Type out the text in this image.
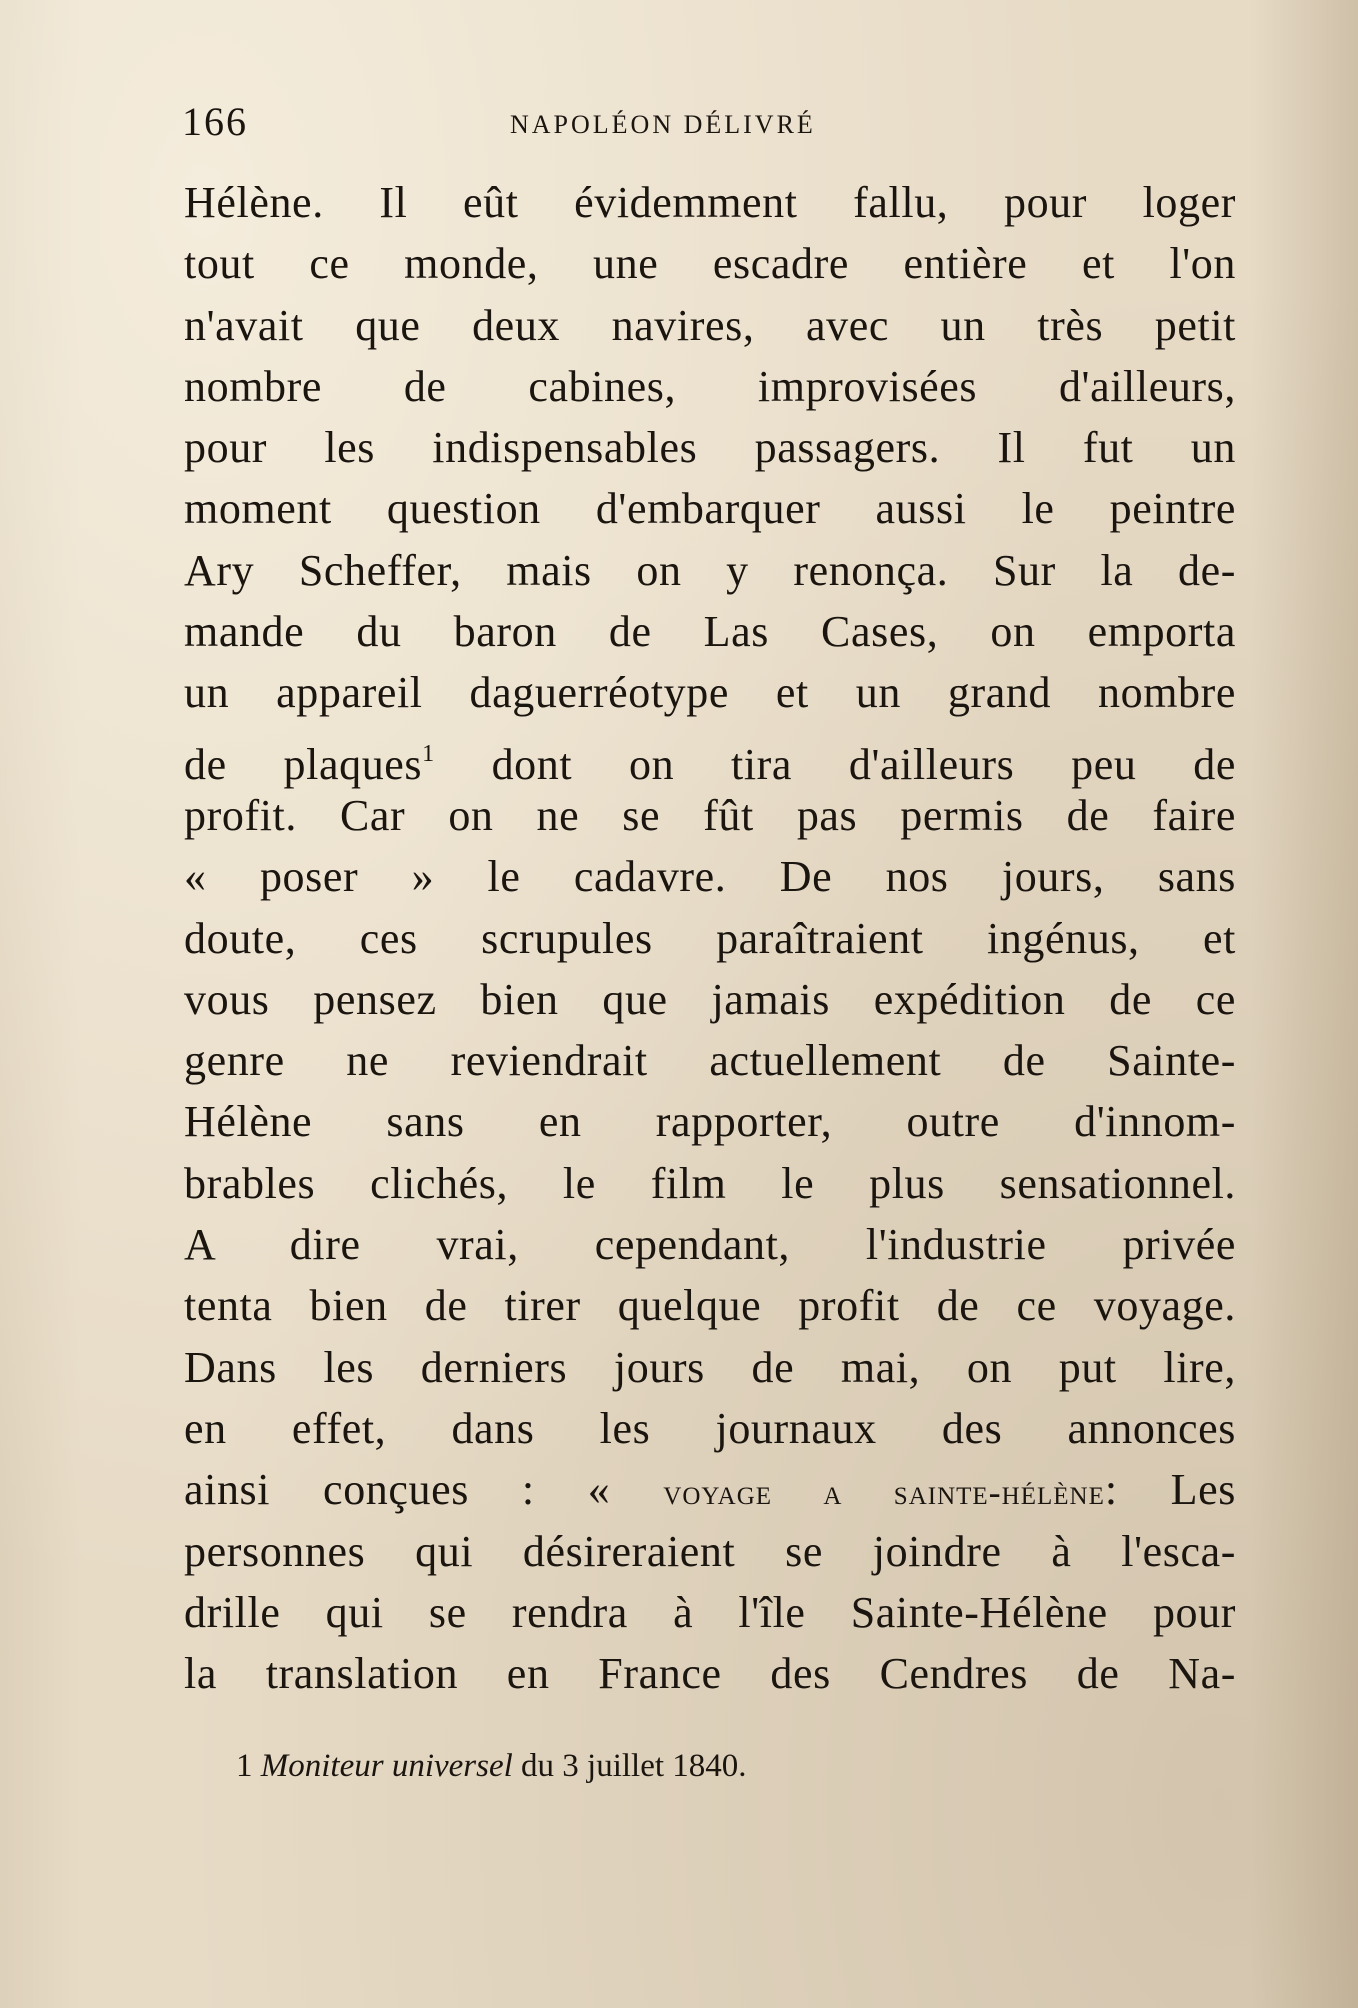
166	NAPOLÉON DÉLIVRÉ
Hélène. Il eût évidemment fallu, pour loger
tout ce monde, une escadre entière et l'on
n'avait que deux navires, avec un très petit
nombre de cabines, improvisées d'ailleurs,
pour les indispensables passagers. Il fut un
moment question d'embarquer aussi le peintre
Ary Scheffer, mais on y renonça. Sur la de-
mande du baron de Las Cases, on emporta
un appareil daguerréotype et un grand nombre
de plaques$^1$ dont on tira d'ailleurs peu de
profit. Car on ne se fût pas permis de faire
« poser » le cadavre. De nos jours, sans
doute, ces scrupules paraîtraient ingénus, et
vous pensez bien que jamais expédition de ce
genre ne reviendrait actuellement de Sainte-
Hélène sans en rapporter, outre d'innom-
brables clichés, le film le plus sensationnel.
A dire vrai, cependant, l'industrie privée
tenta bien de tirer quelque profit de ce voyage.
Dans les derniers jours de mai, on put lire,
en effet, dans les journaux des annonces
ainsi conçues : « voyage a sainte-hélène: Les
personnes qui désireraient se joindre à l'esca-
drille qui se rendra à l'île Sainte-Hélène pour
la translation en France des Cendres de Na-
1 Moniteur universel du 3 juillet 1840.
